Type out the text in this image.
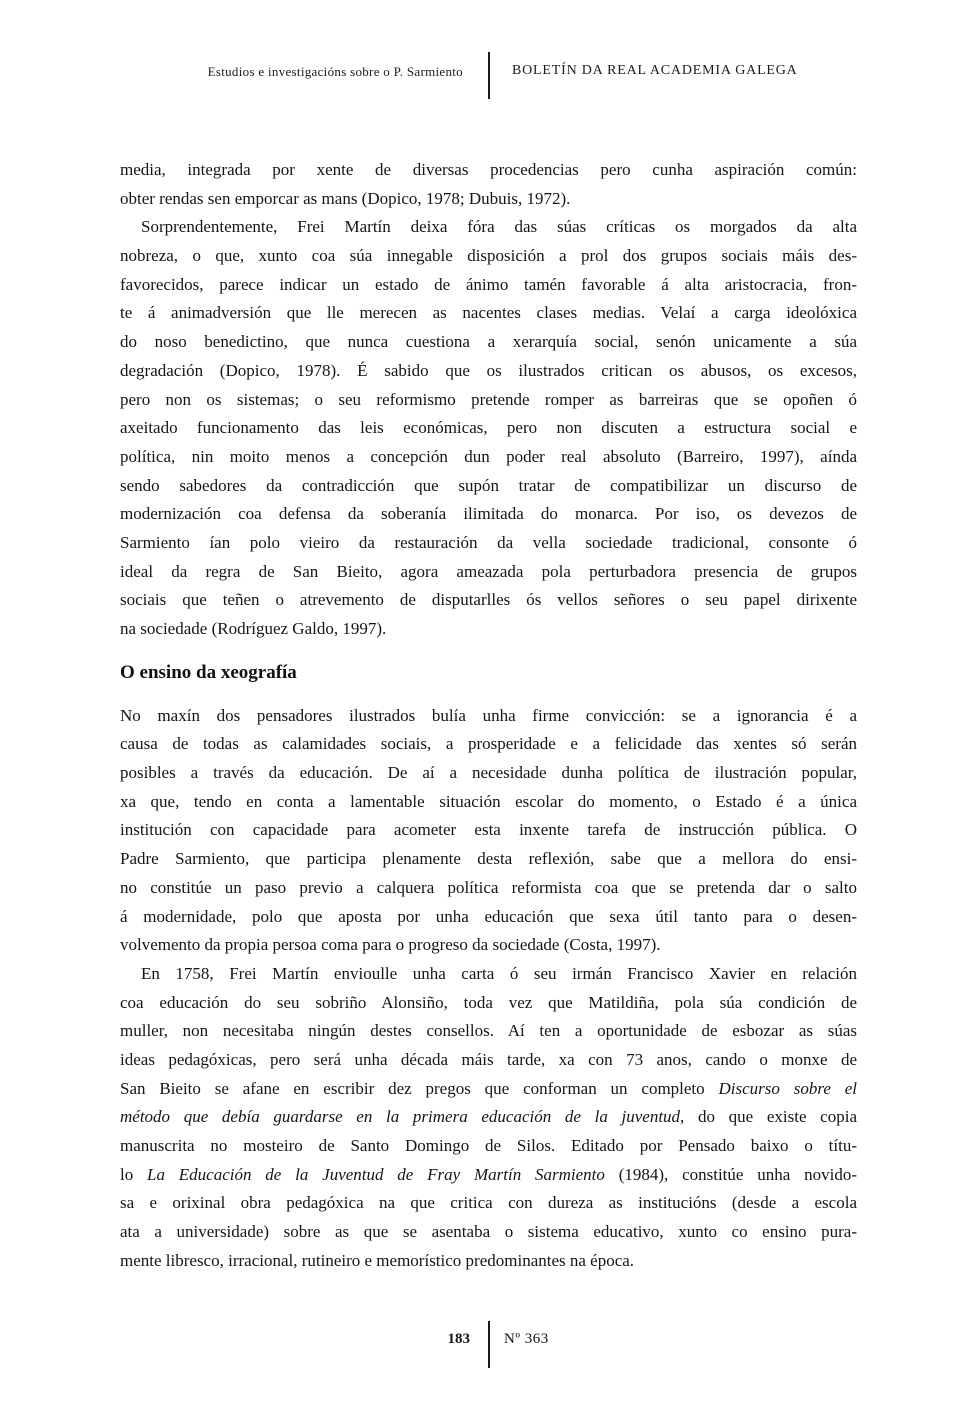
Estudios e investigacións sobre o P. Sarmiento	BOLETÍN DA REAL ACADEMIA GALEGA
media, integrada por xente de diversas procedencias pero cunha aspiración común:
obter rendas sen emporcar as mans (Dopico, 1978; Dubuis, 1972).
Sorprendentemente, Frei Martín deixa fóra das súas críticas os morgados da alta
nobreza, o que, xunto coa súa innegable disposición a prol dos grupos sociais máis des-
favorecidos, parece indicar un estado de ánimo tamén favorable á alta aristocracia, fron-
te á animadversión que lle merecen as nacentes clases medias. Velaí a carga ideolóxica
do noso benedictino, que nunca cuestiona a xerarquía social, senón unicamente a súa
degradación (Dopico, 1978). É sabido que os ilustrados critican os abusos, os excesos,
pero non os sistemas; o seu reformismo pretende romper as barreiras que se opoñen ó
axeitado funcionamento das leis económicas, pero non discuten a estructura social e
política, nin moito menos a concepción dun poder real absoluto (Barreiro, 1997), aínda
sendo sabedores da contradicción que supón tratar de compatibilizar un discurso de
modernización coa defensa da soberanía ilimitada do monarca. Por iso, os devezos de
Sarmiento ían polo vieiro da restauración da vella sociedade tradicional, consonte ó
ideal da regra de San Bieito, agora ameazada pola perturbadora presencia de grupos
sociais que teñen o atrevemento de disputarlles ós vellos señores o seu papel dirixente
na sociedade (Rodríguez Galdo, 1997).
O ensino da xeografía
No maxín dos pensadores ilustrados bulía unha firme convicción: se a ignorancia é a
causa de todas as calamidades sociais, a prosperidade e a felicidade das xentes só serán
posibles a través da educación. De aí a necesidade dunha política de ilustración popular,
xa que, tendo en conta a lamentable situación escolar do momento, o Estado é a única
institución con capacidade para acometer esta inxente tarefa de instrucción pública. O
Padre Sarmiento, que participa plenamente desta reflexión, sabe que a mellora do ensi-
no constitúe un paso previo a calquera política reformista coa que se pretenda dar o salto
á modernidade, polo que aposta por unha educación que sexa útil tanto para o desen-
volvemento da propia persoa coma para o progreso da sociedade (Costa, 1997).
En 1758, Frei Martín envioulle unha carta ó seu irmán Francisco Xavier en relación
coa educación do seu sobriño Alonsiño, toda vez que Matildiña, pola súa condición de
muller, non necesitaba ningún destes consellos. Aí ten a oportunidade de esbozar as súas
ideas pedagóxicas, pero será unha década máis tarde, xa con 73 anos, cando o monxe de
San Bieito se afane en escribir dez pregos que conforman un completo Discurso sobre el
método que debía guardarse en la primera educación de la juventud, do que existe copia
manuscrita no mosteiro de Santo Domingo de Silos. Editado por Pensado baixo o títu-
lo La Educación de la Juventud de Fray Martín Sarmiento (1984), constitúe unha novido-
sa e orixinal obra pedagóxica na que critica con dureza as institucións (desde a escola
ata a universidade) sobre as que se asentaba o sistema educativo, xunto co ensino pura-
mente libresco, irracional, rutineiro e memorístico predominantes na época.
183 Nº 363
